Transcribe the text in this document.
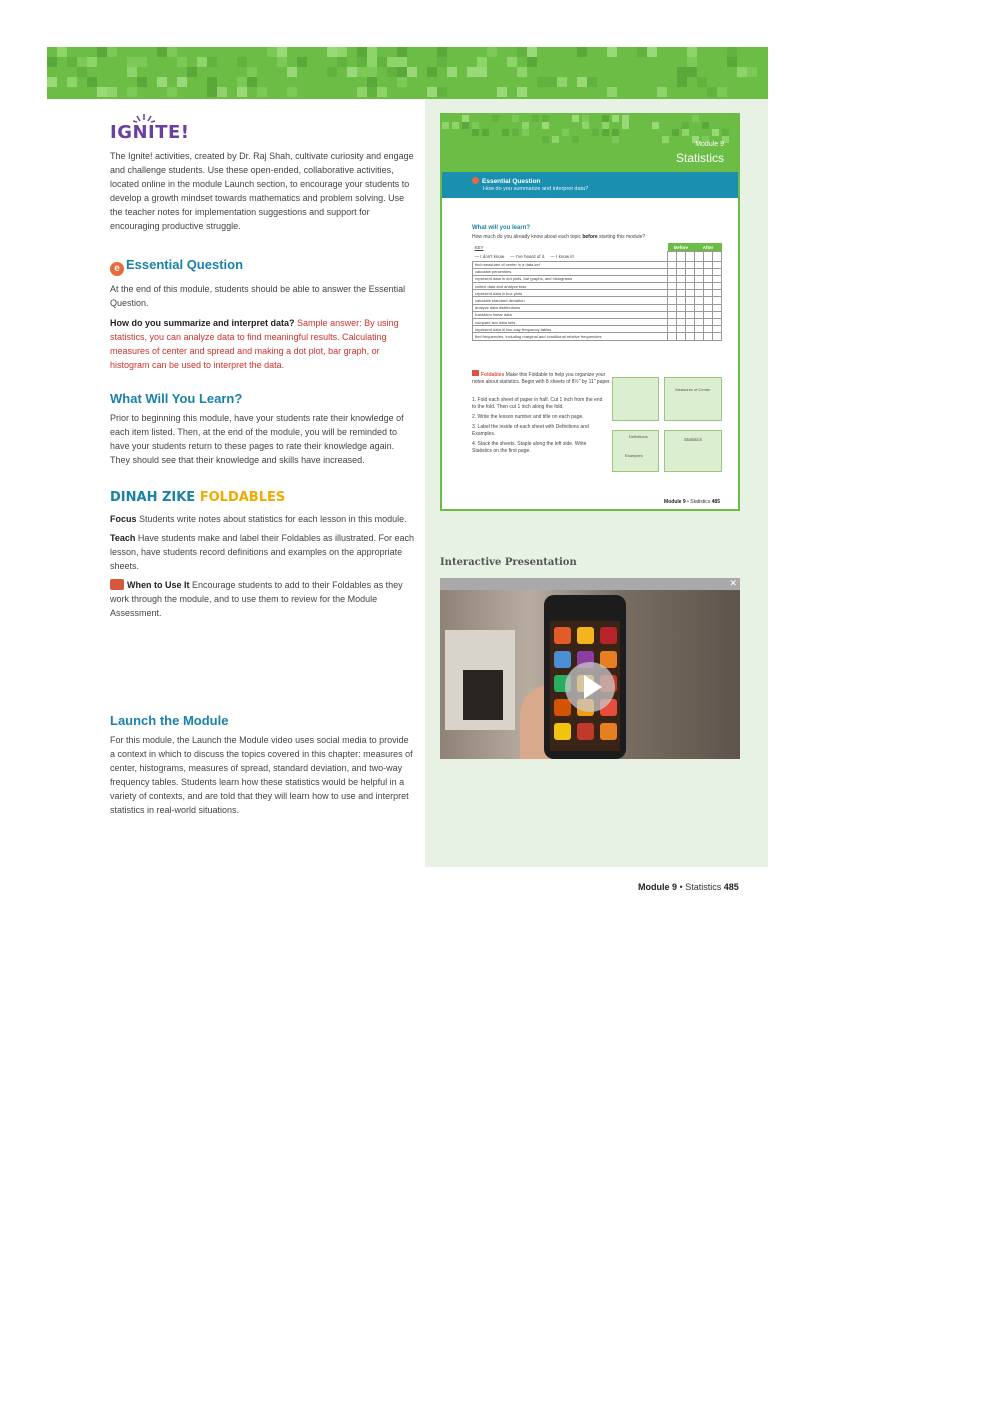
IGNITE!

The Ignite! activities, created by Dr. Raj Shah, cultivate curiosity and engage and challenge students. Use these open-ended, collaborative activities, located online in the module Launch section, to encourage your students to develop a growth mindset towards mathematics and problem solving. Use the teacher notes for implementation suggestions and support for encouraging productive struggle.

e Essential Question

At the end of this module, students should be able to answer the Essential Question.

How do you summarize and interpret data? Sample answer: By using statistics, you can analyze data to find meaningful results. Calculating measures of center and spread and making a dot plot, bar graph, or histogram can be used to interpret the data.

What Will You Learn?

Prior to beginning this module, have your students rate their knowledge of each item listed. Then, at the end of the module, you will be reminded to have your students return to these pages to rate their knowledge again. They should see that their knowledge and skills have increased.

DINAH ZIKE FOLDABLES

Focus Students write notes about statistics for each lesson in this module.

Teach Have students make and label their Foldables as illustrated. For each lesson, have students record definitions and examples on the appropriate sheets.

When to Use It Encourage students to add to their Foldables as they work through the module, and to use them to review for the Module Assessment.

Launch the Module

For this module, the Launch the Module video uses social media to provide a context in which to discuss the topics covered in this chapter: measures of center, histograms, measures of spread, standard deviation, and two-way frequency tables. Students learn how these statistics would be helpful in a variety of contexts, and are told that they will learn how to use and interpret statistics in real-world situations.

Module 9
Statistics
Essential Question
How do you summarize and interpret data?
What will you learn?
How much do you already know about each topic before starting this module?
KEY	Before			After		
— I don't know. — I've heard of it. — I know it!						
find measures of center in a data set						
calculate percentiles						
represent data in dot plots, bar graphs, and histograms						
collect data and analyze bias						
represent data in box plots						
calculate standard deviation						
analyze data distributions						
transform linear data						
compare two data sets						
represent data in two-way frequency tables						
find frequencies, including marginal and conditional relative frequencies						
Foldables Make this Foldable to help you organize your notes about statistics. Begin with 8 sheets of 8½" by 11" paper.
1. Fold each sheet of paper in half. Cut 1 inch from the end to the fold. Then cut 1 inch along the fold.
2. Write the lesson number and title on each page.
3. Label the inside of each sheet with Definitions and Examples.
4. Stack the sheets. Staple along the left side. Write Statistics on the first page.
Measures of Center
Definitions
Examples
Statistics
Module 9 • Statistics 485
Interactive Presentation
✕
Module 9 • Statistics 485
